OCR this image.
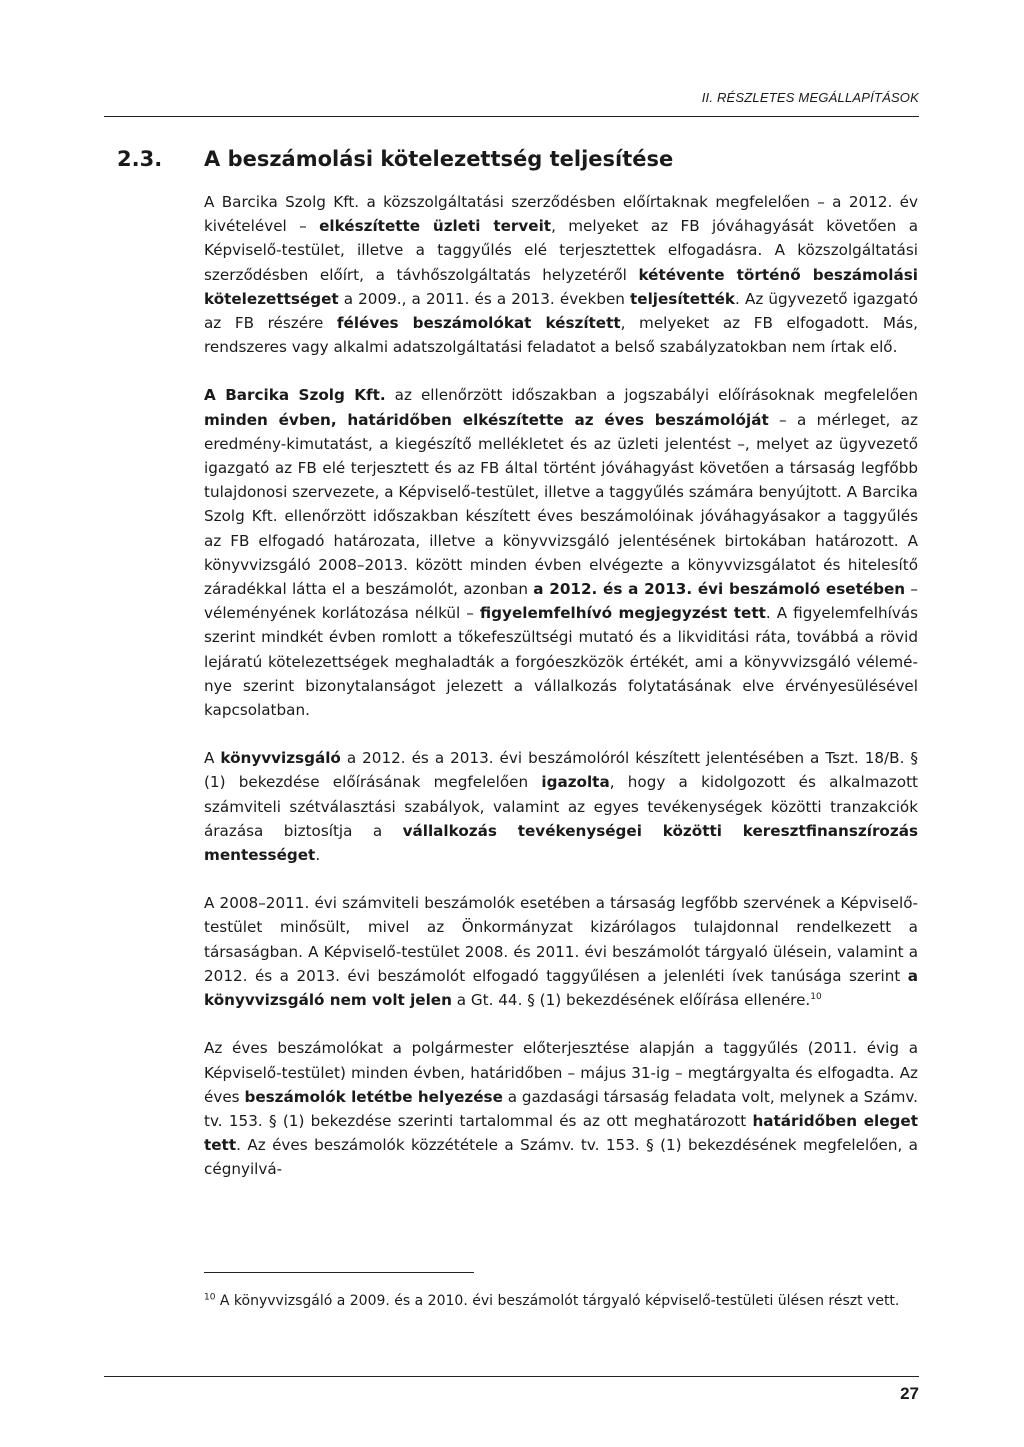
II. RÉSZLETES MEGÁLLAPÍTÁSOK
2.3. A beszámolási kötelezettség teljesítése

A Barcika Szolg Kft. a közszolgáltatási szerződésben előírtaknak megfelelően – a 2012. év kivételével – elkészítette üzleti terveit, melyeket az FB jóváhagyását követően a Képviselő-testület, illetve a taggyűlés elé terjesztettek elfogadásra. A közszolgáltatási szerződésben előírt, a távhőszolgáltatás helyzetéről kétévente történő beszámolási kötelezettséget a 2009., a 2011. és a 2013. években teljesítették. Az ügyvezető igazgató az FB részére féléves beszámolókat készített, melyeket az FB elfogadott. Más, rendszeres vagy alkalmi adatszolgáltatási feladatot a belső szabályzatokban nem írtak elő.

A Barcika Szolg Kft. az ellenőrzött időszakban a jogszabályi előírásoknak megfelelően minden évben, határidőben elkészítette az éves beszámolóját – a mérleget, az eredmény-kimutatást, a kiegészítő mellékletet és az üzleti jelentést –, melyet az ügyvezető igazgató az FB elé terjesztett és az FB által történt jóváhagyást követően a társaság legfőbb tulajdonosi szervezete, a Képviselő-testület, illetve a taggyűlés számára benyújtott. A Barcika Szolg Kft. ellenőrzött időszakban készített éves beszámolóinak jóváhagyásakor a taggyűlés az FB elfogadó határozata, illetve a könyvvizsgáló jelentésének birtokában határozott. A könyvvizsgáló 2008–2013. között minden évben elvégezte a könyvvizsgálatot és hitelesítő záradékkal látta el a beszámolót, azonban a 2012. és a 2013. évi beszámoló esetében – véleményének korlátozása nélkül – figyelemfelhívó megjegyzést tett. A figyelemfelhívás szerint mindkét évben romlott a tőkefeszültségi mutató és a likviditási ráta, továbbá a rövid lejáratú kötelezettségek meghaladták a forgóeszközök értékét, ami a könyvvizsgáló véleménye szerint bizonytalanságot jelezett a vállalkozás folytatásának elve érvényesülésével kapcsolatban.

A könyvvizsgáló a 2012. és a 2013. évi beszámolóról készített jelentésében a Tszt. 18/B. § (1) bekezdése előírásának megfelelően igazolta, hogy a kidolgozott és alkalmazott számviteli szétválasztási szabályok, valamint az egyes tevékenységek közötti tranzakciók árazása biztosítja a vállalkozás tevékenységei közötti keresztfinanszírozás mentességet.

A 2008–2011. évi számviteli beszámolók esetében a társaság legfőbb szervének a Képviselő-testület minősült, mivel az Önkormányzat kizárólagos tulajdonnal rendelkezett a társaságban. A Képviselő-testület 2008. és 2011. évi beszámolót tárgyaló ülésein, valamint a 2012. és a 2013. évi beszámolót elfogadó taggyűlésen a jelenléti ívek tanúsága szerint a könyvvizsgáló nem volt jelen a Gt. 44. § (1) bekezdésének előírása ellenére.$^{10}$

Az éves beszámolókat a polgármester előterjesztése alapján a taggyűlés (2011. évig a Képviselő-testület) minden évben, határidőben – május 31-ig – megtárgyalta és elfogadta. Az éves beszámolók letétbe helyezése a gazdasági társaság feladata volt, melynek a Számv. tv. 153. § (1) bekezdése szerinti tartalommal és az ott meghatározott határidőben eleget tett. Az éves beszámolók közzététele a Számv. tv. 153. § (1) bekezdésének megfelelően, a cégnyilvá-

$^{10}$ A könyvvizsgáló a 2009. és a 2010. évi beszámolót tárgyaló képviselő-testületi ülésen részt vett.
27
